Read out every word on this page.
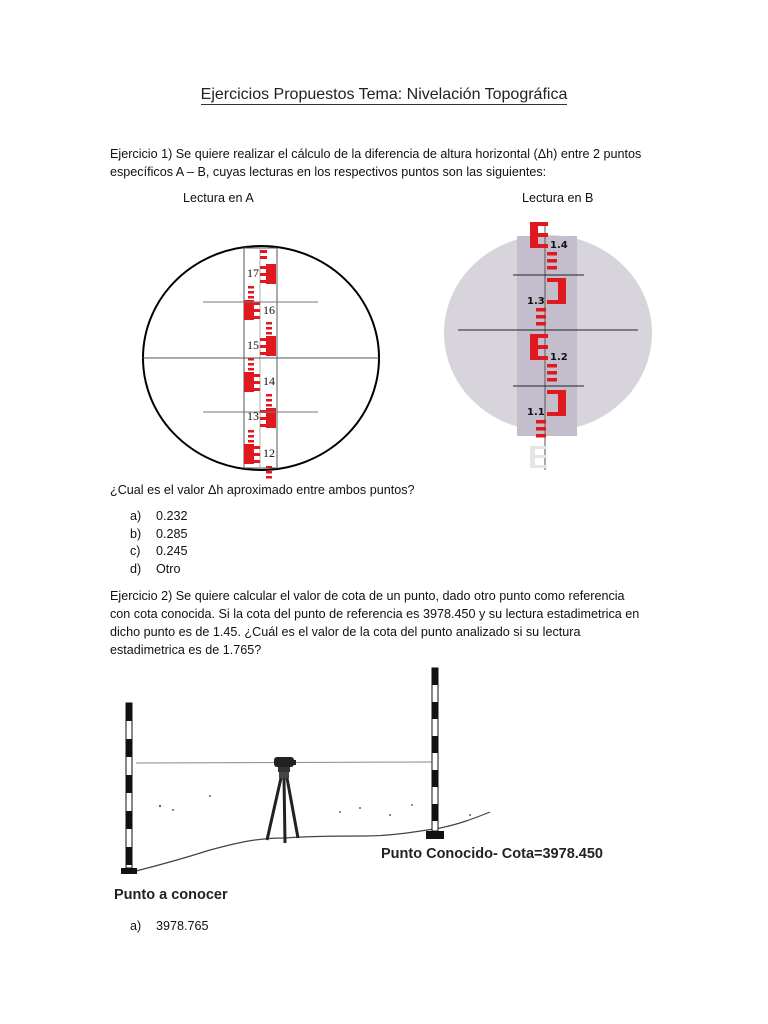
Ejercicios Propuestos Tema: Nivelación Topográfica

Ejercicio 1) Se quiere realizar el cálculo de la diferencia de altura horizontal (Δh) entre 2 puntos

específicos A – B, cuyas lecturas en los respectivos puntos son las siguientes:

Lectura en A	Lectura en B
17
16
15
14
13
12
1.4
1.3
1.2
1.1
¿Cual es el valor Δh aproximado entre ambos puntos?
a)	0.232
b)	0.285
c)	0.245
d)	Otro

Ejercicio 2) Se quiere calcular el valor de cota de un punto, dado otro punto como referencia

con cota conocida. Si la cota del punto de referencia es 3978.450 y su lectura estadimetrica en

dicho punto es de 1.45. ¿Cuál es el valor de la cota del punto analizado si su lectura

estadimetrica es de 1.765?

Punto Conocido- Cota=3978.450
Punto a conocer
a)	3978.765
